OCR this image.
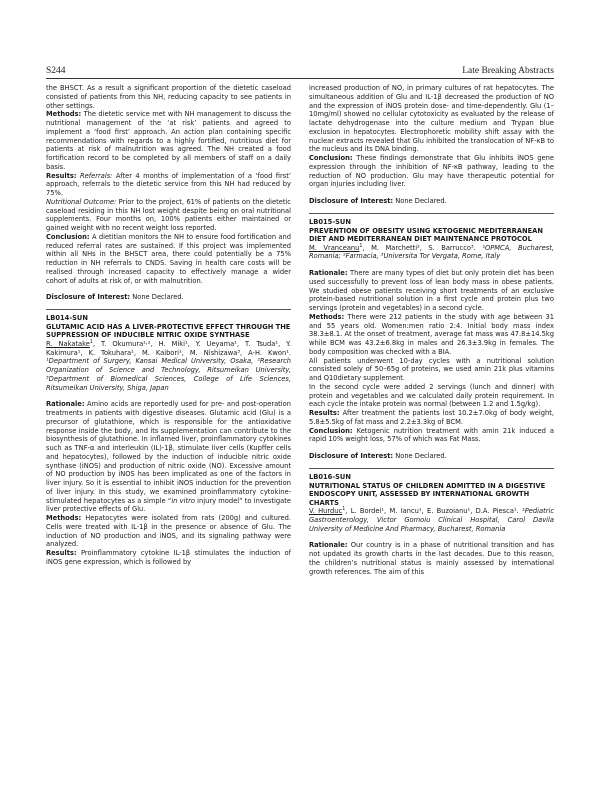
S244	Late Breaking Abstracts

the BHSCT. As a result a significant proportion of the dietetic caseload consisted of patients from this NH, reducing capacity to see patients in other settings.

Methods: The dietetic service met with NH management to discuss the nutritional management of the ‘at risk’ patients and agreed to implement a ‘food first’ approach. An action plan containing specific recommendations with regards to a highly fortified, nutritious diet for patients at risk of malnutrition was agreed. The NH created a food fortification record to be completed by all members of staff on a daily basis.

Results: Referrals: After 4 months of implementation of a ‘food first’ approach, referrals to the dietetic service from this NH had reduced by 75%.

Nutritional Outcome: Prior to the project, 61% of patients on the dietetic caseload residing in this NH lost weight despite being on oral nutritional supplements. Four months on, 100% patients either maintained or gained weight with no recent weight loss reported.

Conclusion: A dietitian monitors the NH to ensure food fortification and reduced referral rates are sustained. If this project was implemented within all NHs in the BHSCT area, there could potentially be a 75% reduction in NH referrals to CNDS. Saving in health care costs will be realised through increased capacity to effectively manage a wider cohort of adults at risk of, or with malnutrition.

Disclosure of Interest: None Declared.

LB014-SUN
GLUTAMIC ACID HAS A LIVER-PROTECTIVE EFFECT THROUGH THE SUPPRESSION OF INDUCIBLE NITRIC OXIDE SYNTHASE

R. Nakatake$^1$, T. Okumura¹˒², H. Miki¹, Y. Ueyama¹, T. Tsuda¹, Y. Kakimura¹, K. Tokuhara¹, M. Kaibori¹, M. Nishizawa³, A-H. Kwon¹. ¹Department of Surgery, Kansai Medical University, Osaka, ²Research Organization of Science and Technology, Ritsumeikan University, ³Department of Biomedical Sciences, College of Life Sciences, Ritsumeikan University, Shiga, Japan

Rationale: Amino acids are reportedly used for pre- and post-operation treatments in patients with digestive diseases. Glutamic acid (Glu) is a precursor of glutathione, which is responsible for the antioxidative response inside the body, and its supplementation can contribute to the biosynthesis of glutathione. In inflamed liver, proinflammatory cytokines such as TNF-α and interleukin (IL)-1β, stimulate liver cells (Kupffer cells and hepatocytes), followed by the induction of inducible nitric oxide synthase (iNOS) and production of nitric oxide (NO). Excessive amount of NO production by iNOS has been implicated as one of the factors in liver injury. So it is essential to inhibit iNOS induction for the prevention of liver injury. In this study, we examined proinflammatory cytokine-stimulated hepatocytes as a simple “in vitro injury model” to investigate liver protective effects of Glu.

Methods: Hepatocytes were isolated from rats (200g) and cultured. Cells were treated with IL-1β in the presence or absence of Glu. The induction of NO production and iNOS, and its signaling pathway were analyzed.

Results: Proinflammatory cytokine IL-1β stimulates the induction of iNOS gene expression, which is followed by

increased production of NO, in primary cultures of rat hepatocytes. The simultaneous addition of Glu and IL-1β decreased the production of NO and the expression of iNOS protein dose- and time-dependently. Glu (1–10mg/ml) showed no cellular cytotoxicity as evaluated by the release of lactate dehydrogenase into the culture medium and Trypan blue exclusion in hepatocytes. Electrophoretic mobility shift assay with the nuclear extracts revealed that Glu inhibited the translocation of NF-κB to the nucleus and its DNA binding.

Conclusion: These findings demonstrate that Glu inhibits iNOS gene expression through the inhibition of NF-κB pathway, leading to the reduction of NO production. Glu may have therapeutic potential for organ injuries including liver.

Disclosure of Interest: None Declared.

LB015-SUN
PREVENTION OF OBESITY USING KETOGENIC MEDITERRANEAN DIET AND MEDITERRANEAN DIET MAINTENANCE PROTOCOL

M. Vranceanu$^1$, M. Marchetti², S. Barrucco³. ¹OPMCA, Bucharest, Romania; ²Farmacia, ³Universita Tor Vergata, Rome, Italy

Rationale: There are many types of diet but only protein diet has been used successfully to prevent loss of lean body mass in obese patients. We studied obese patients receiving short treatments of an exclusive protein-based nutritional solution in a first cycle and protein plus two servings (protein and vegetables) in a second cycle.

Methods: There were 212 patients in the study with age between 31 and 55 years old. Women:men ratio 2:4. Initial body mass index 38.3±8.1. At the onset of treatment, average fat mass was 47.8±14.5kg while BCM was 43.2±6.8kg in males and 26.3±3.9kg in females. The body composition was checked with a BIA.

All patients underwent 10-day cycles with a nutritional solution consisted solely of 50–65g of proteins, we used amin 21k plus vitamins and Q10dietary supplement.

In the second cycle were added 2 servings (lunch and dinner) with protein and vegetables and we calculated daily protein requirement. In each cycle the intake protein was normal (between 1.2 and 1.5g/kg).

Results: After treatment the patients lost 10.2±7.0kg of body weight, 5.8±5.5kg of fat mass and 2.2±3.3kg of BCM.

Conclusion: Ketogenic nutrition treatment with amin 21k induced a rapid 10% weight loss, 57% of which was Fat Mass.

Disclosure of Interest: None Declared.

LB016-SUN
NUTRITIONAL STATUS OF CHILDREN ADMITTED IN A DIGESTIVE ENDOSCOPY UNIT, ASSESSED BY INTERNATIONAL GROWTH CHARTS

V. Hurduc$^1$, L. Bordei¹, M. Iancu¹, E. Buzoianu¹, D.A. Piesca¹. ¹Pediatric Gastroenterology, Victor Gomoiu Clinical Hospital, Carol Davila University of Medicine And Pharmacy, Bucharest, Romania

Rationale: Our country is in a phase of nutritional transition and has not updated its growth charts in the last decades. Due to this reason, the children’s nutritional status is mainly assessed by international growth references. The aim of this
